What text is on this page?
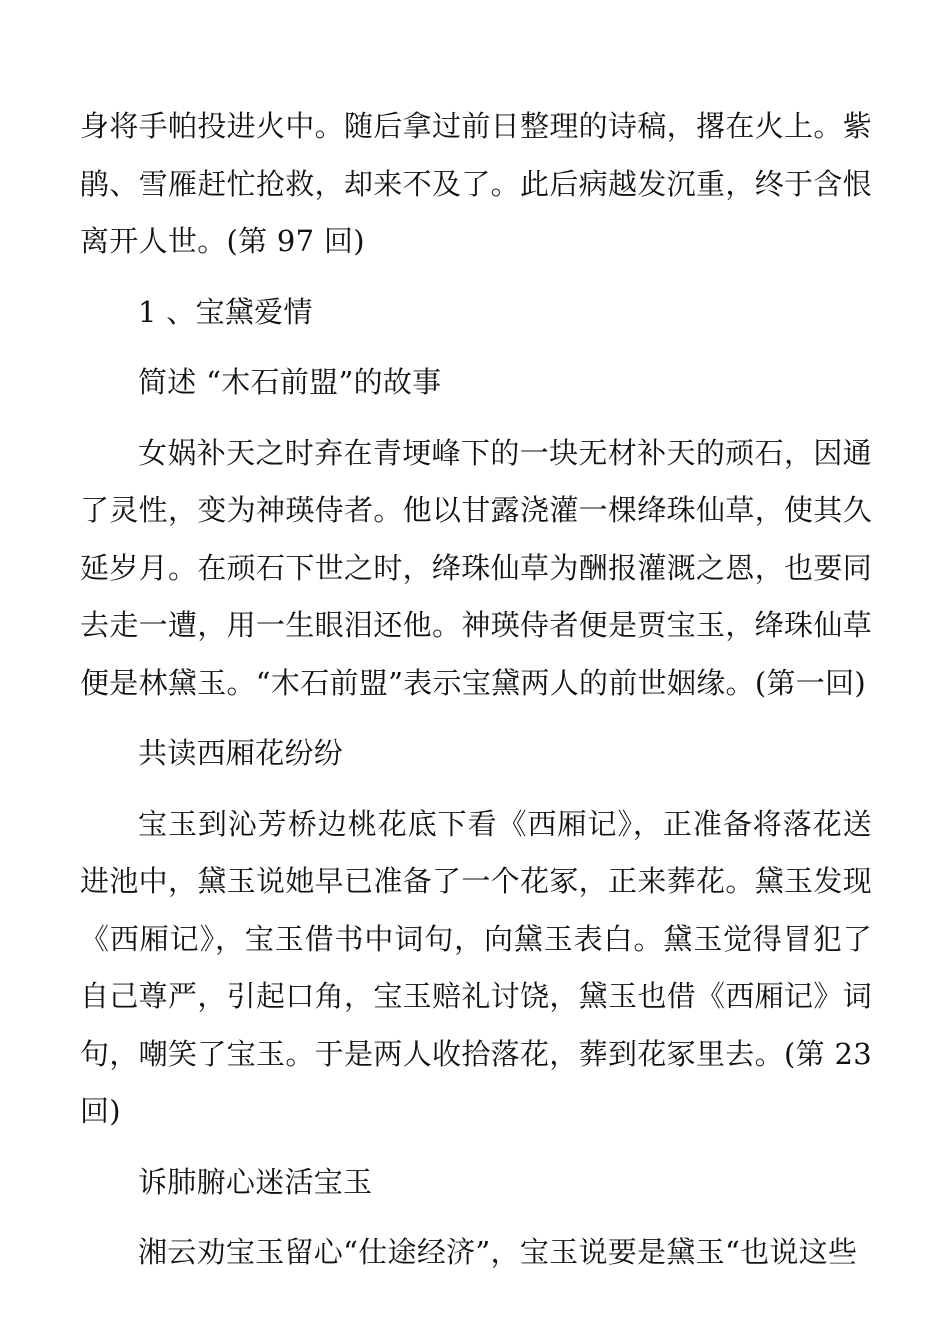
身将手帕投进火中。随后拿过前日整理的诗稿，撂在火上。紫鹃、雪雁赶忙抢救，却来不及了。此后病越发沉重，终于含恨离开人世。(第 97 回)

1 、宝黛爱情

简述 “木石前盟”的故事

女娲补天之时弃在青埂峰下的一块无材补天的顽石，因通了灵性，变为神瑛侍者。他以甘露浇灌一棵绛珠仙草，使其久延岁月。在顽石下世之时，绛珠仙草为酬报灌溉之恩，也要同去走一遭，用一生眼泪还他。神瑛侍者便是贾宝玉，绛珠仙草便是林黛玉。“木石前盟”表示宝黛两人的前世姻缘。(第一回)

共读西厢花纷纷

宝玉到沁芳桥边桃花底下看《西厢记》，正准备将落花送进池中，黛玉说她早已准备了一个花冢，正来葬花。黛玉发现《西厢记》，宝玉借书中词句，向黛玉表白。黛玉觉得冒犯了自己尊严，引起口角，宝玉赔礼讨饶，黛玉也借《西厢记》词句，嘲笑了宝玉。于是两人收拾落花，葬到花冢里去。(第 23 回)

诉肺腑心迷活宝玉

湘云劝宝玉留心“仕途经济”，宝玉说要是黛玉“也说这些
